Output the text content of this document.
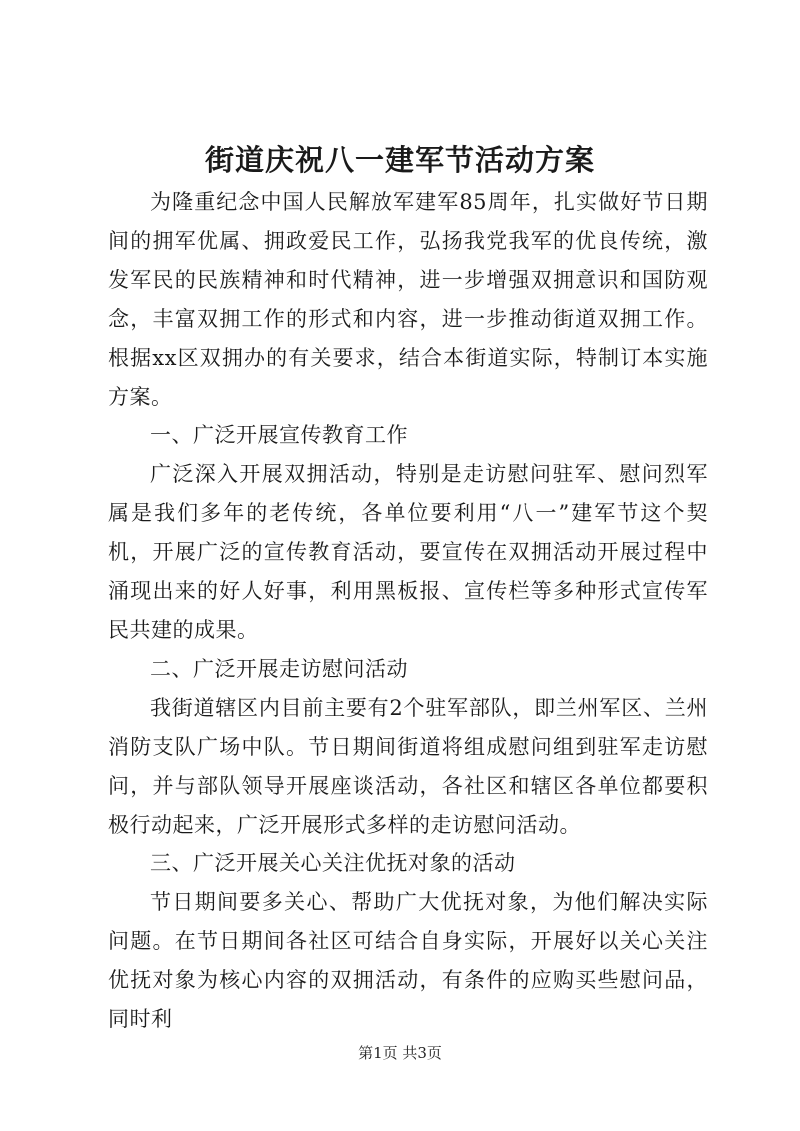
街道庆祝八一建军节活动方案

为隆重纪念中国人民解放军建军85周年，扎实做好节日期间的拥军优属、拥政爱民工作，弘扬我党我军的优良传统，激发军民的民族精神和时代精神，进一步增强双拥意识和国防观念，丰富双拥工作的形式和内容，进一步推动街道双拥工作。根据xx区双拥办的有关要求，结合本街道实际，特制订本实施方案。

一、广泛开展宣传教育工作

广泛深入开展双拥活动，特别是走访慰问驻军、慰问烈军属是我们多年的老传统，各单位要利用“八一”建军节这个契机，开展广泛的宣传教育活动，要宣传在双拥活动开展过程中涌现出来的好人好事，利用黑板报、宣传栏等多种形式宣传军民共建的成果。

二、广泛开展走访慰问活动

我街道辖区内目前主要有2个驻军部队，即兰州军区、兰州消防支队广场中队。节日期间街道将组成慰问组到驻军走访慰问，并与部队领导开展座谈活动，各社区和辖区各单位都要积极行动起来，广泛开展形式多样的走访慰问活动。

三、广泛开展关心关注优抚对象的活动

节日期间要多关心、帮助广大优抚对象，为他们解决实际问题。在节日期间各社区可结合自身实际，开展好以关心关注优抚对象为核心内容的双拥活动，有条件的应购买些慰问品，同时利

第1页 共3页
